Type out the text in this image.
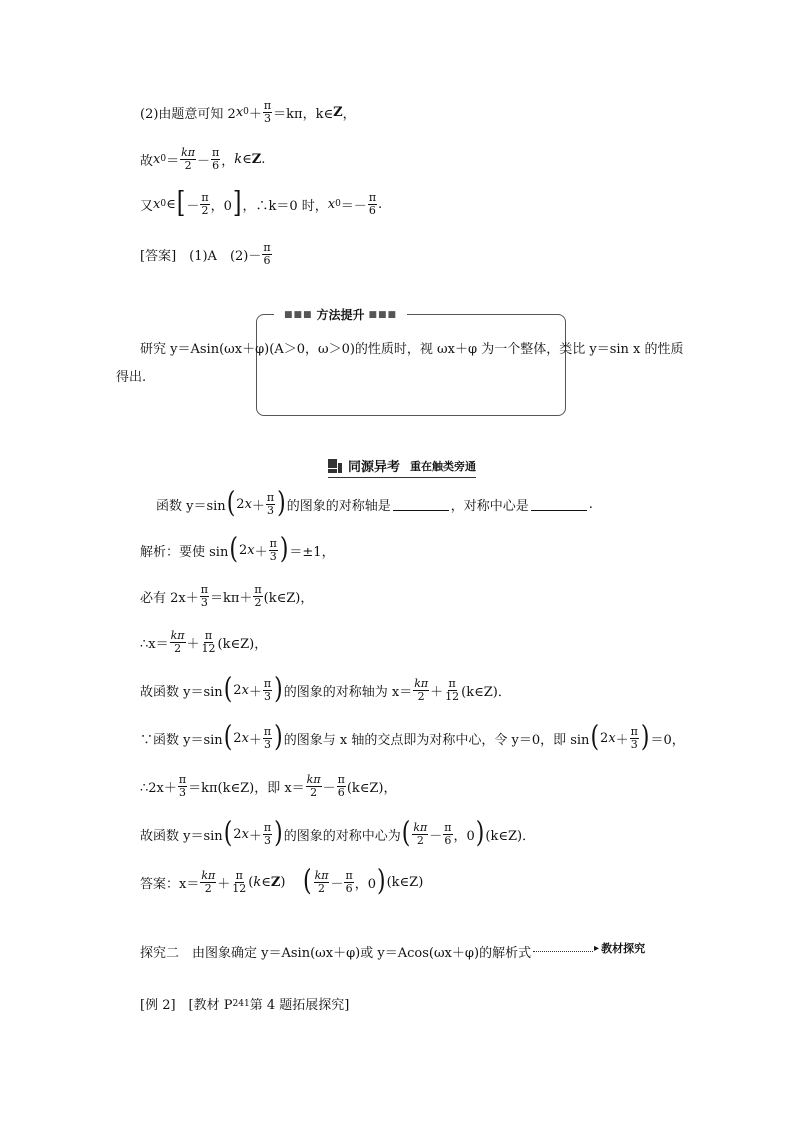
(2)由题意可知 2 x $0 + \frac{\pi}{3} =k\pi$，k∈ Z ，
故 x $0 = \frac{k\pi}{2} - \frac{\pi}{6}$ ， k ∈ Z .
又 x 0 ∈ [ － $\frac{\pi}{2}$ ，0 ] ，∴k＝0 时， x $0 =- \frac{\pi}{6}$ .
[答案]　(1)A　$(2)- \frac{\pi}{6}$
■■■ 方法提升 ■■■
研究 y＝Asin(ωx＋φ)(A＞0，ω＞0)的性质时，视 ωx＋φ 为一个整体，类比 y＝sin x 的性质
得出.
同源异考 重在触类旁通
函数 y＝sin ( 2 $x + \frac{\pi}{3}$ ) 的图象的对称轴是	，对称中心是	.
解析：要使 sin ( 2 $x + \frac{\pi}{3}$ ) ＝±1，
必有 $2x+ \frac{\pi}{3} =k\pi+ \frac{\pi}{2}$ (k∈Z)，
∴x＝ $\frac{k\pi}{2} + \frac{\pi}{12}$ (k∈Z)，
故函数 y＝sin ( 2 $x + \frac{\pi}{3}$ ) 的图象的对称轴为 $x= \frac{k\pi}{2} + \frac{\pi}{12}$ (k∈Z)．
∵函数 y＝sin ( 2 $x + \frac{\pi}{3}$ ) 的图象与 x 轴的交点即为对称中心，令 y＝0，即 sin ( 2 $x + \frac{\pi}{3}$ ) ＝0，
∴2x＋ $\frac{\pi}{3}$ ＝kπ(k∈Z)，即 $x= \frac{k\pi}{2} - \frac{\pi}{6}$ (k∈Z)，
故函数 y＝sin ( 2 $x + \frac{\pi}{3}$ ) 的图象的对称中心为 ( $\frac{k\pi}{2} - \frac{\pi}{6}$ ，0 ) (k∈Z)．
答案：$x= \frac{k\pi}{2} + \frac{\pi}{12}$ ( k ∈ Z ) ( $\frac{k\pi}{2} - \frac{\pi}{6}$ ，0 ) (k∈Z)
探究二　由图象确定 y＝Asin(ωx＋φ)或 y＝Acos(ωx＋φ)的解析式
▸	教材探究
[例 2]　[教材 P 241 第 4 题拓展探究]
